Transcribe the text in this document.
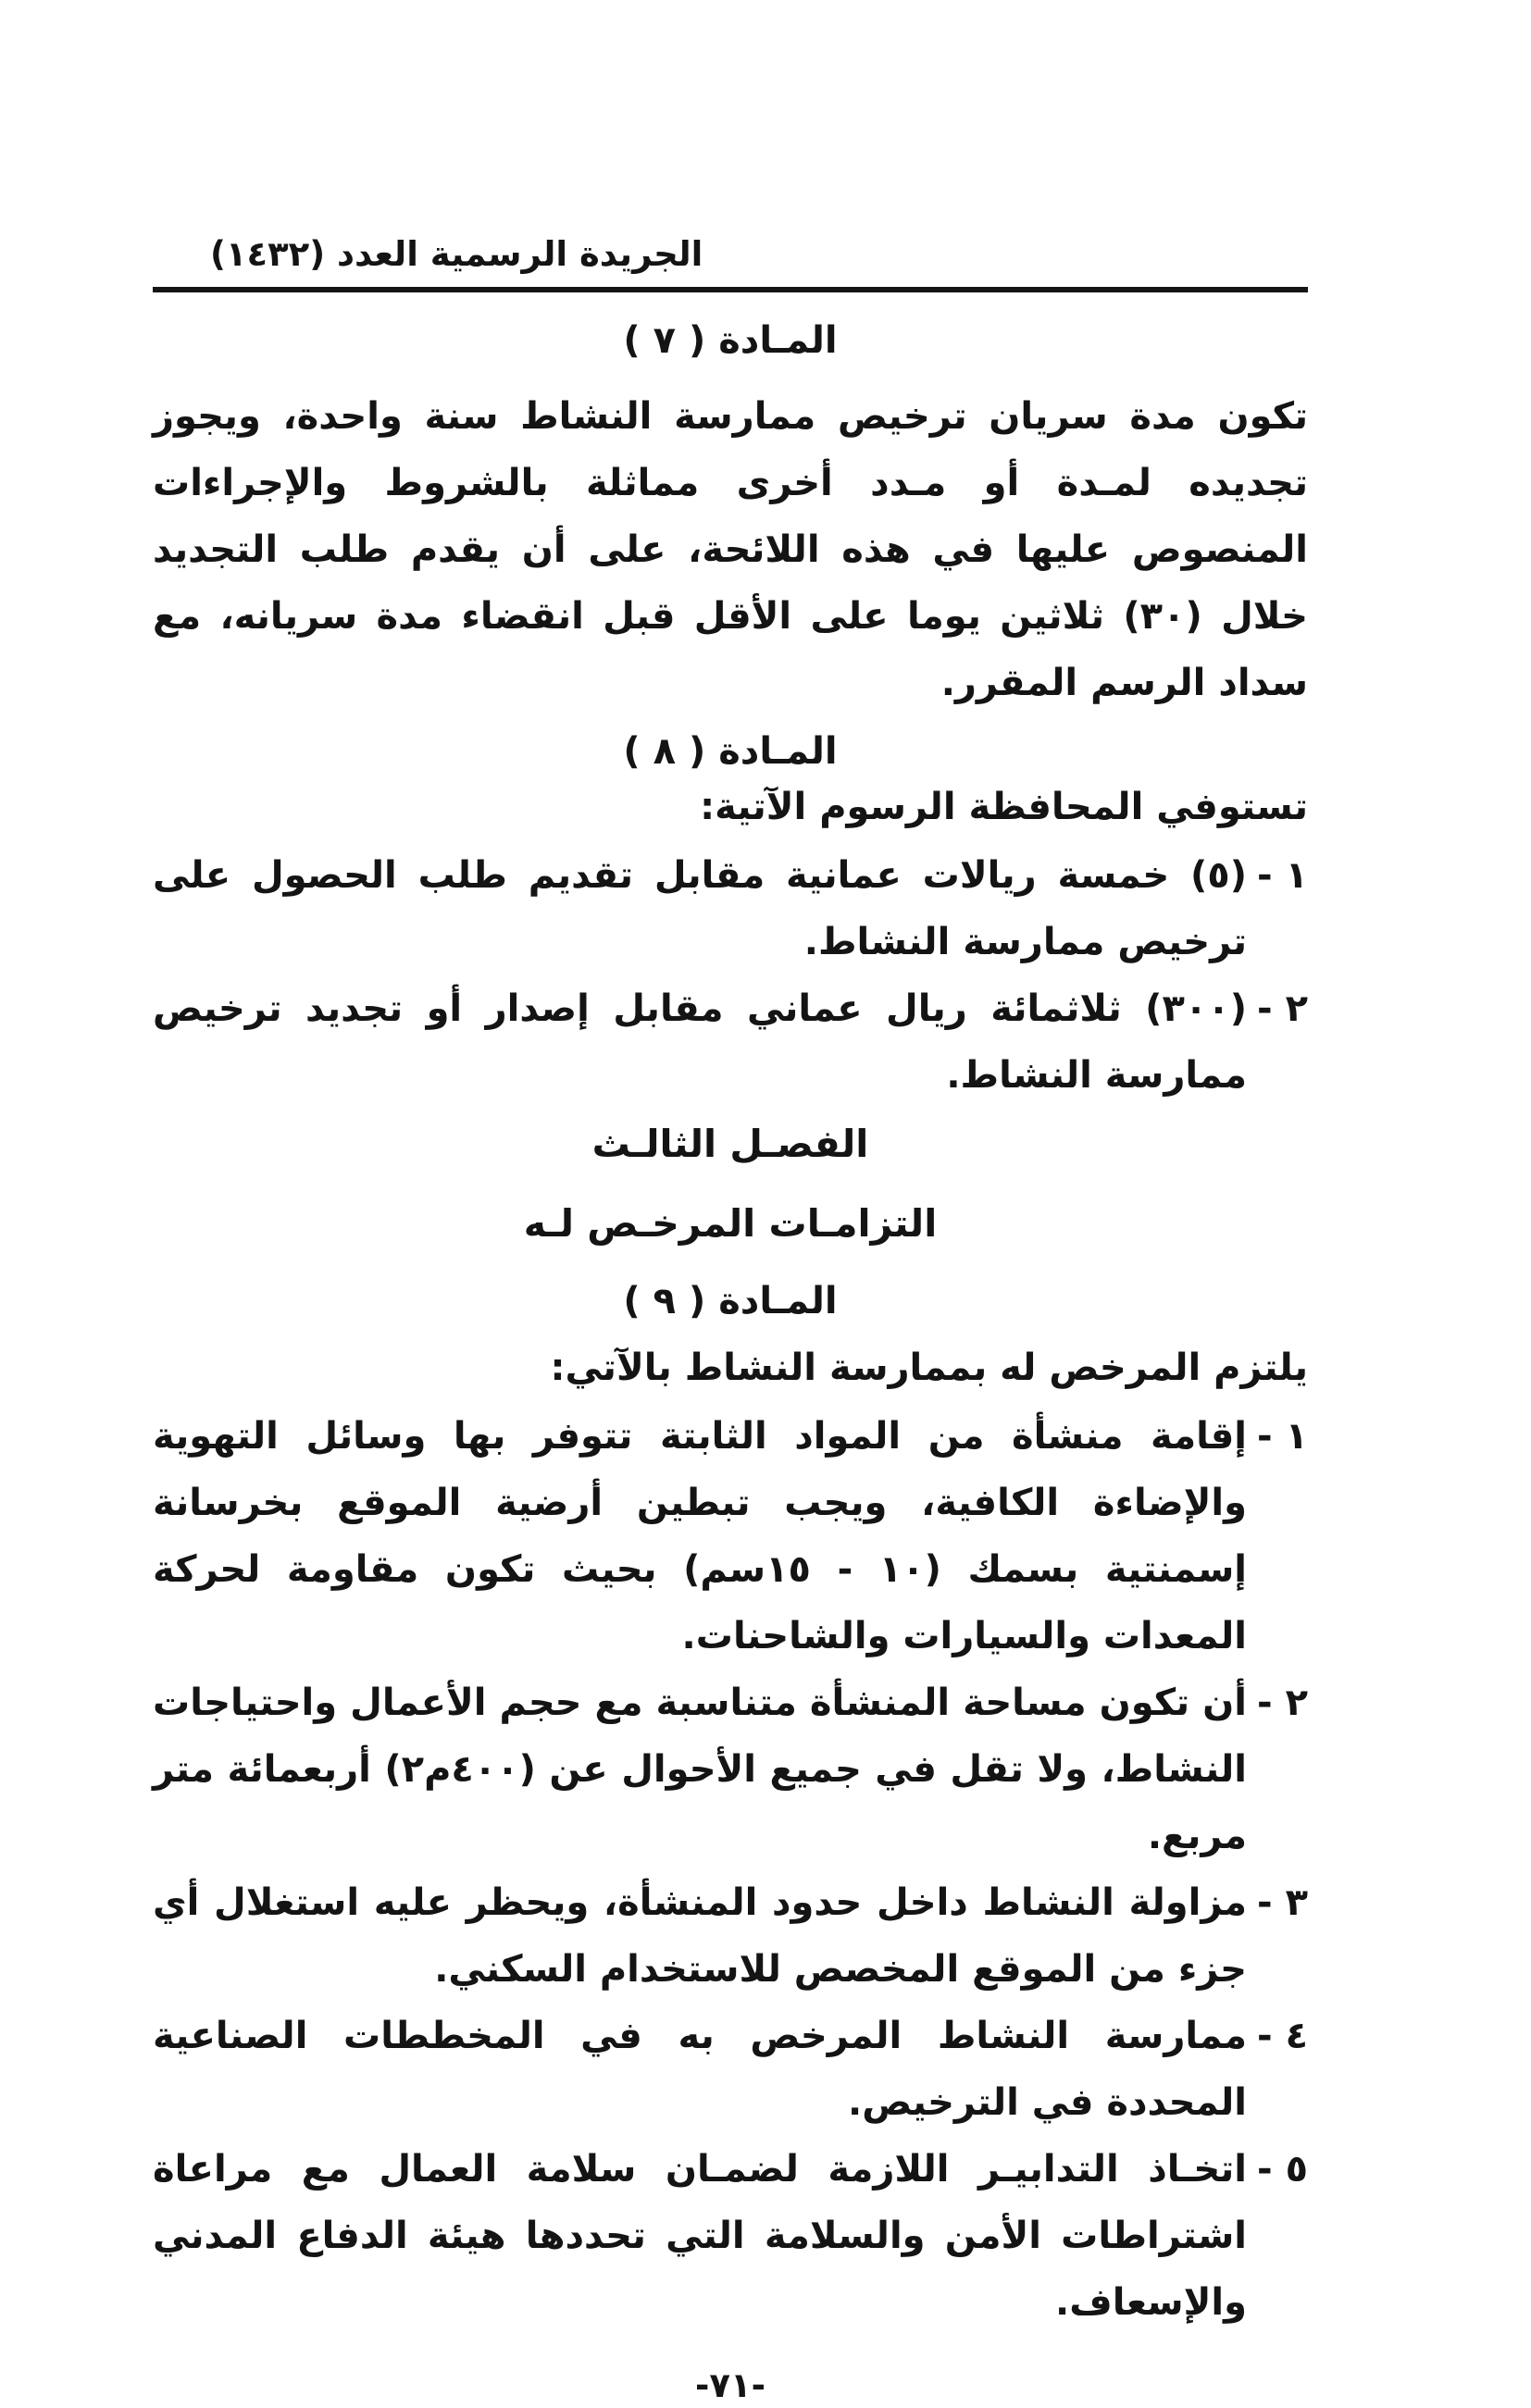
الجريدة الرسمية العدد (١٤٣٢)
المـادة ( ٧ )
تكون مدة سريان ترخيص ممارسة النشاط سنة واحدة، ويجوز تجديده لمـدة أو مـدد أخرى مماثلة بالشروط والإجراءات المنصوص عليها في هذه اللائحة، على أن يقدم طلب التجديد خلال (٣٠) ثلاثين يوما على الأقل قبل انقضاء مدة سريانه، مع سداد الرسم المقرر.
المـادة ( ٨ )
تستوفي المحافظة الرسوم الآتية:
١ -
(٥) خمسة ريالات عمانية مقابل تقديم طلب الحصول على ترخيص ممارسة النشاط.
٢ -
(٣٠٠) ثلاثمائة ريال عماني مقابل إصدار أو تجديد ترخيص ممارسة النشاط.
الفصـل الثالـث
التزامـات المرخـص لـه
المـادة ( ٩ )
يلتزم المرخص له بممارسة النشاط بالآتي:
١ -
إقامة منشأة من المواد الثابتة تتوفر بها وسائل التهوية والإضاءة الكافية، ويجب تبطين أرضية الموقع بخرسانة إسمنتية بسمك (١٠ - ١٥سم) بحيث تكون مقاومة لحركة المعدات والسيارات والشاحنات.
٢ -
أن تكون مساحة المنشأة متناسبة مع حجم الأعمال واحتياجات النشاط، ولا تقل في جميع الأحوال عن (٤٠٠م٢) أربعمائة متر مربع.
٣ -
مزاولة النشاط داخل حدود المنشأة، ويحظر عليه استغلال أي جزء من الموقع المخصص للاستخدام السكني.
٤ -
ممارسة النشاط المرخص به في المخططات الصناعية المحددة في الترخيص.
٥ -
اتخـاذ التدابيـر اللازمة لضمـان سلامة العمال مع مراعاة اشتراطات الأمن والسلامة التي تحددها هيئة الدفاع المدني والإسعاف.
-٧١-
